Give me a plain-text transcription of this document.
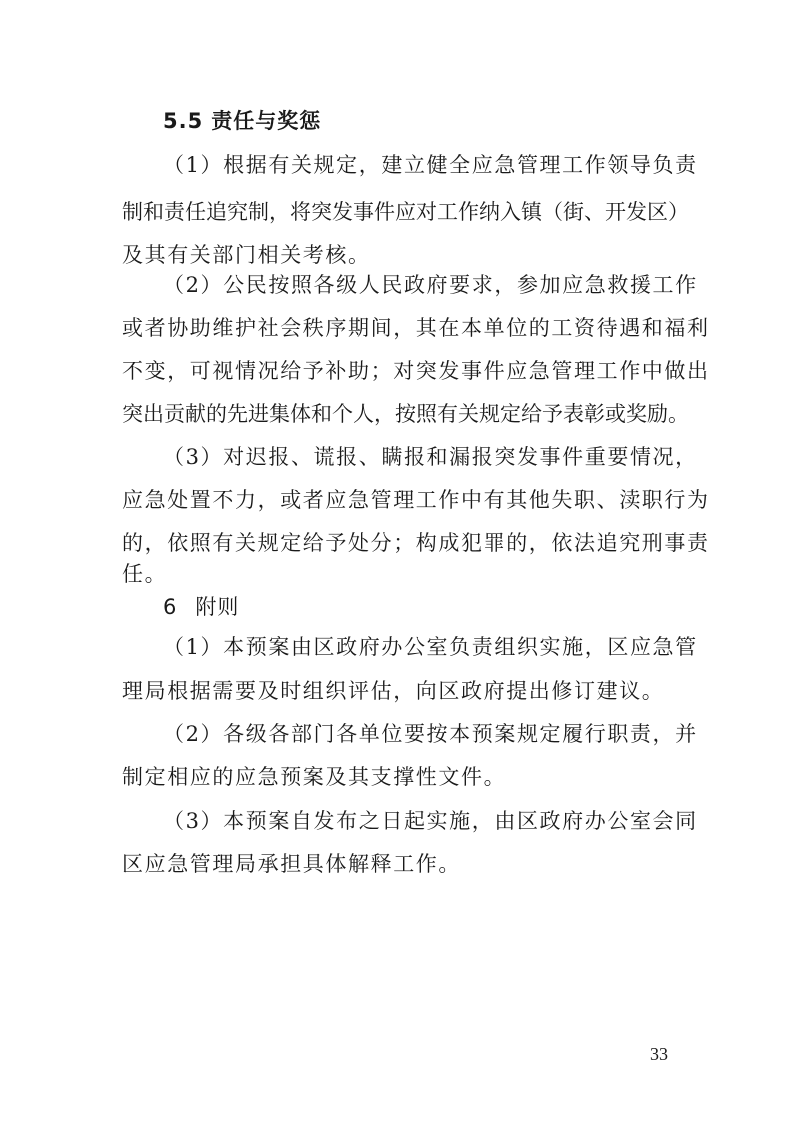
5.5 责任与奖惩
（1）根据有关规定，建立健全应急管理工作领导负责
制和责任追究制，将突发事件应对工作纳入镇（街、开发区）
及其有关部门相关考核。
（2）公民按照各级人民政府要求，参加应急救援工作
或者协助维护社会秩序期间，其在本单位的工资待遇和福利
不变，可视情况给予补助；对突发事件应急管理工作中做出
突出贡献的先进集体和个人，按照有关规定给予表彰或奖励。
（3）对迟报、谎报、瞒报和漏报突发事件重要情况，
应急处置不力，或者应急管理工作中有其他失职、渎职行为
的，依照有关规定给予处分；构成犯罪的，依法追究刑事责
任。
6 附则
（1）本预案由区政府办公室负责组织实施，区应急管
理局根据需要及时组织评估，向区政府提出修订建议。
（2）各级各部门各单位要按本预案规定履行职责，并
制定相应的应急预案及其支撑性文件。
（3）本预案自发布之日起实施，由区政府办公室会同
区应急管理局承担具体解释工作。
33
